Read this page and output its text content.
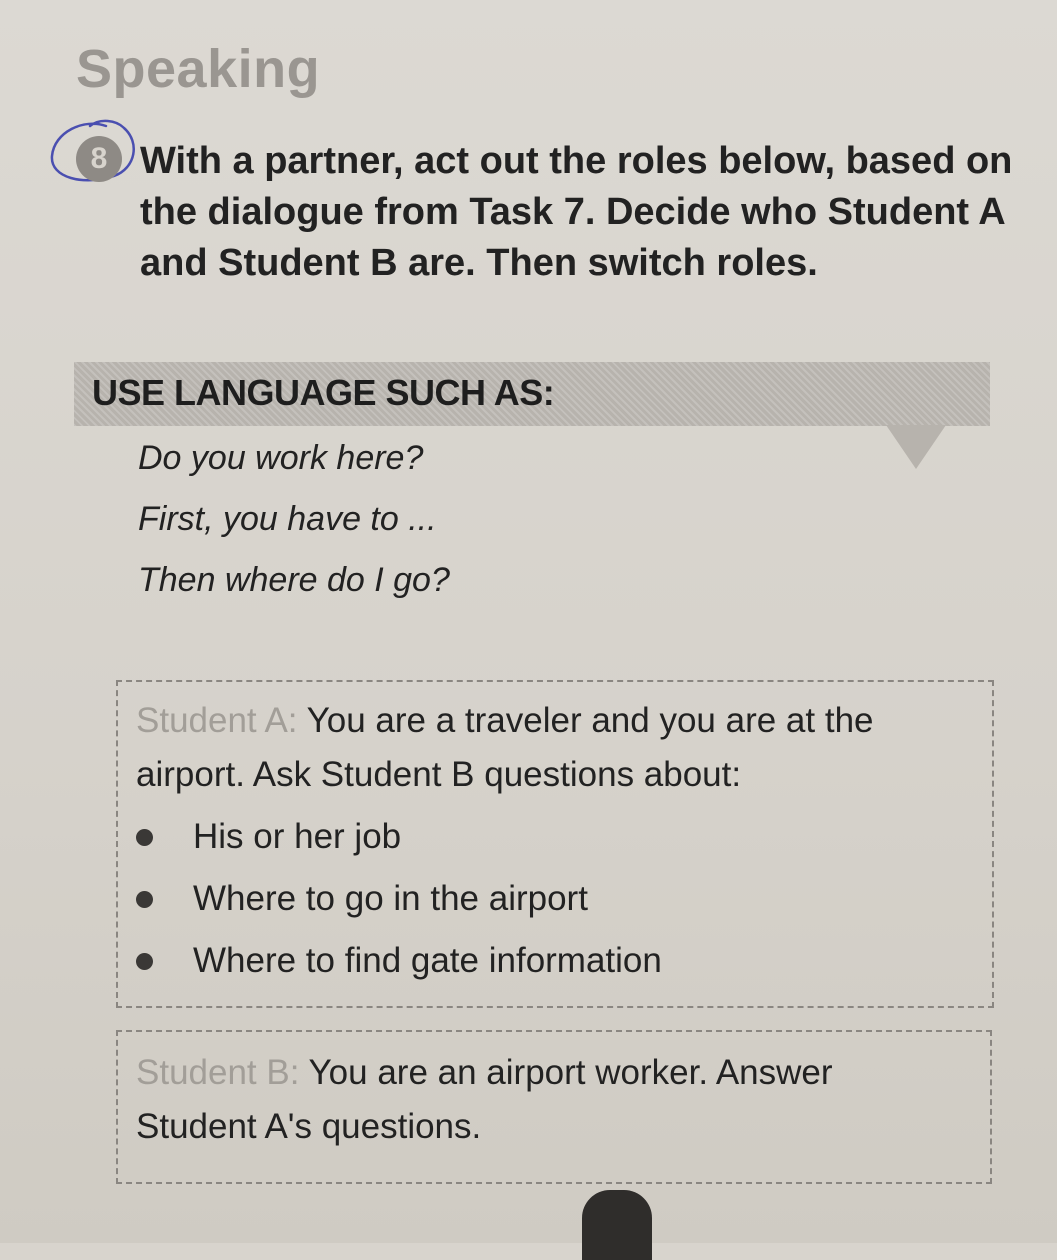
Speaking
8 With a partner, act out the roles below, based on the dialogue from Task 7. Decide who Student A and Student B are. Then switch roles.
USE LANGUAGE SUCH AS:
Do you work here?
First, you have to ...
Then where do I go?
Student A: You are a traveler and you are at the airport. Ask Student B questions about:
His or her job
Where to go in the airport
Where to find gate information
Student B: You are an airport worker. Answer Student A's questions.
